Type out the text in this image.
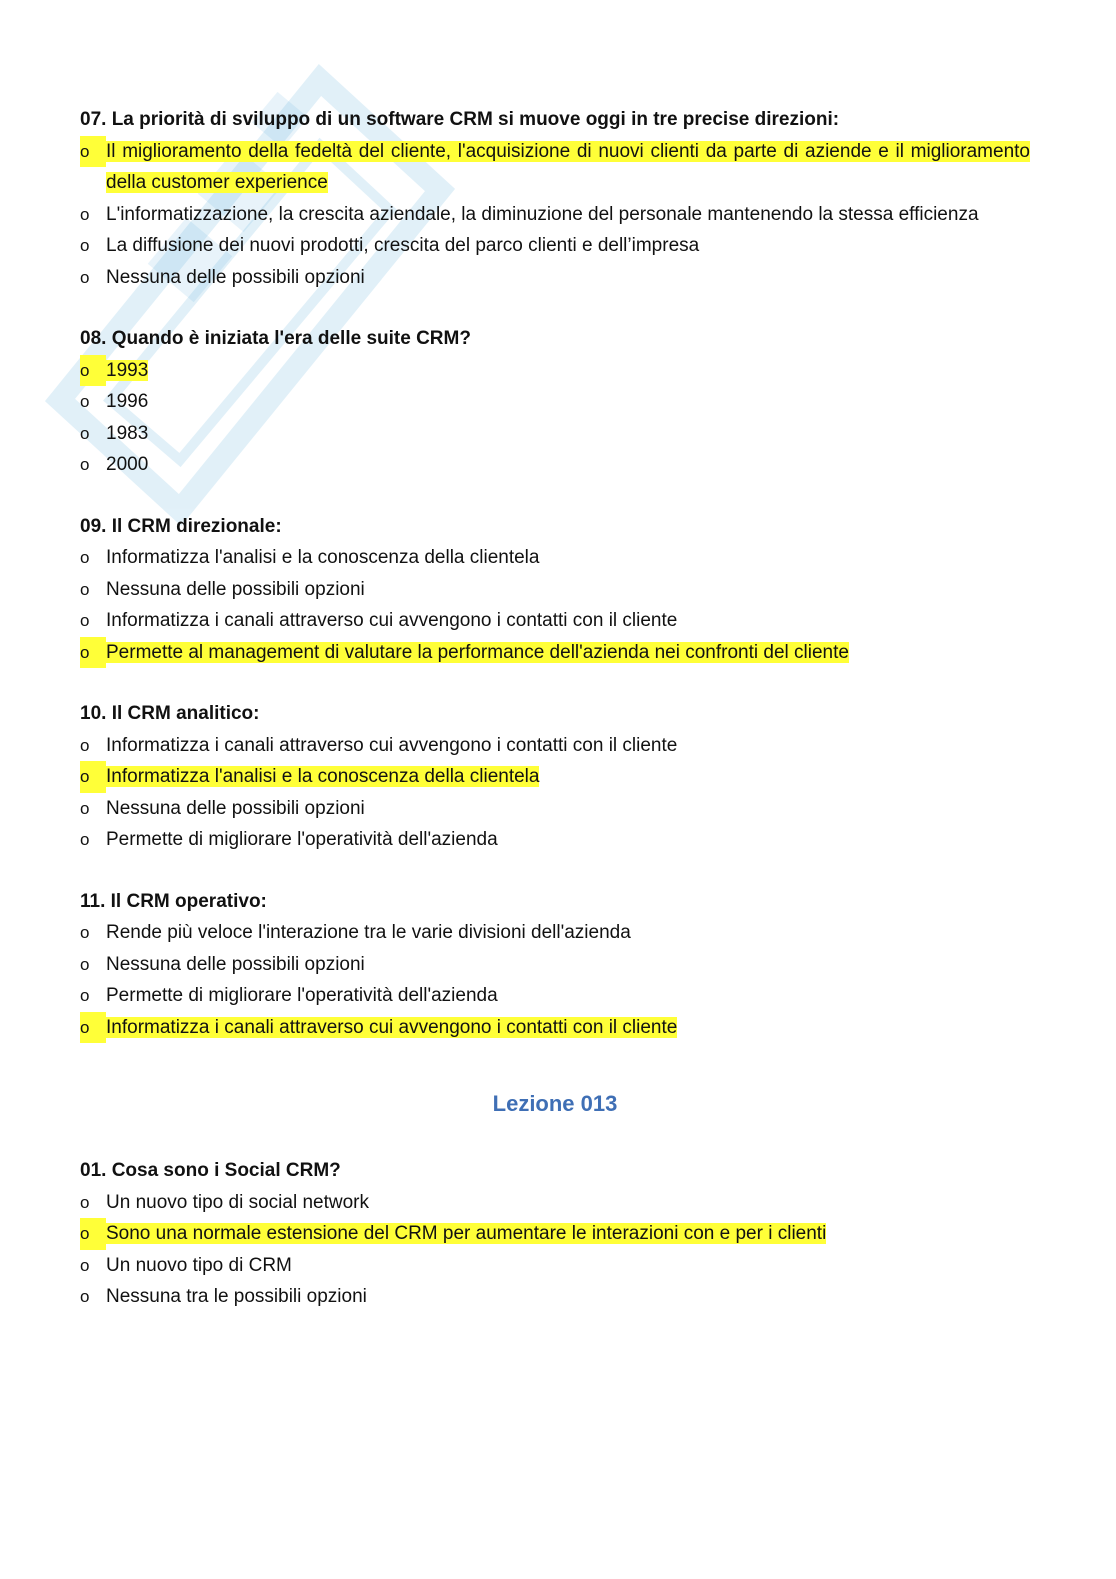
07. La priorità di sviluppo di un software CRM si muove oggi in tre precise direzioni:

o Il miglioramento della fedeltà del cliente, l'acquisizione di nuovi clienti da parte di aziende e il miglioramento della customer experience
o L'informatizzazione, la crescita aziendale, la diminuzione del personale mantenendo la stessa efficienza
o La diffusione dei nuovi prodotti, crescita del parco clienti e dell’impresa
o Nessuna delle possibili opzioni

08. Quando è iniziata l'era delle suite CRM?

o 1993
o 1996
o 1983
o 2000

09. Il CRM direzionale:

o Informatizza l'analisi e la conoscenza della clientela
o Nessuna delle possibili opzioni
o Informatizza i canali attraverso cui avvengono i contatti con il cliente
o Permette al management di valutare la performance dell'azienda nei confronti del cliente

10. Il CRM analitico:

o Informatizza i canali attraverso cui avvengono i contatti con il cliente
o Informatizza l'analisi e la conoscenza della clientela
o Nessuna delle possibili opzioni
o Permette di migliorare l'operatività dell'azienda

11. Il CRM operativo:

o Rende più veloce l'interazione tra le varie divisioni dell'azienda
o Nessuna delle possibili opzioni
o Permette di migliorare l'operatività dell'azienda
o Informatizza i canali attraverso cui avvengono i contatti con il cliente
Lezione 013

01. Cosa sono i Social CRM?

o Un nuovo tipo di social network
o Sono una normale estensione del CRM per aumentare le interazioni con e per i clienti
o Un nuovo tipo di CRM
o Nessuna tra le possibili opzioni
